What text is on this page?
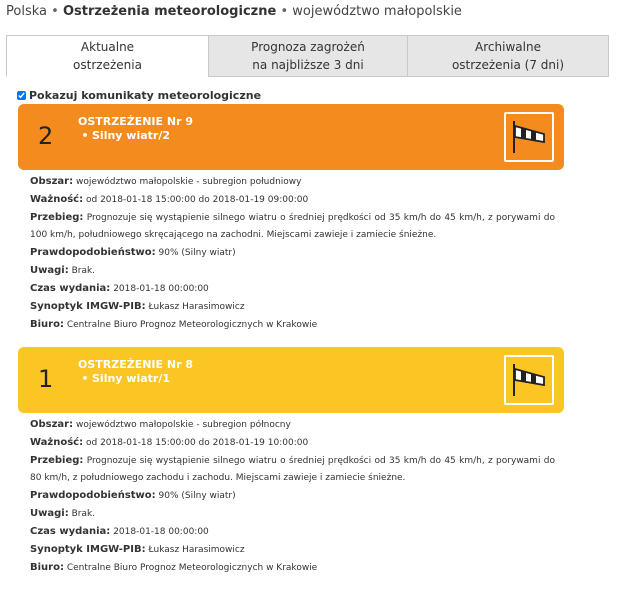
Polska • Ostrzeżenia meteorologiczne • województwo małopolskie
Aktualne
ostrzeżenia
Prognoza zagrożeń
na najbliższe 3 dni
Archiwalne
ostrzeżenia (7 dni)
Pokazuj komunikaty meteorologiczne
2
OSTRZEŻENIE Nr 9
• Silny wiatr/2
Obszar: województwo małopolskie - subregion południowy
Ważność: od 2018-01-18 15:00:00 do 2018-01-19 09:00:00
Przebieg: Prognozuje się wystąpienie silnego wiatru o średniej prędkości od 35 km/h do 45 km/h, z porywami do 100 km/h, południowego skręcającego na zachodni. Miejscami zawieje i zamiecie śnieżne.
Prawdopodobieństwo: 90% (Silny wiatr)
Uwagi: Brak.
Czas wydania: 2018-01-18 00:00:00
Synoptyk IMGW-PIB: Łukasz Harasimowicz
Biuro: Centralne Biuro Prognoz Meteorologicznych w Krakowie
1
OSTRZEŻENIE Nr 8
• Silny wiatr/1
Obszar: województwo małopolskie - subregion północny
Ważność: od 2018-01-18 15:00:00 do 2018-01-19 10:00:00
Przebieg: Prognozuje się wystąpienie silnego wiatru o średniej prędkości od 35 km/h do 45 km/h, z porywami do 80 km/h, z południowego zachodu i zachodu. Miejscami zawieje i zamiecie śnieżne.
Prawdopodobieństwo: 90% (Silny wiatr)
Uwagi: Brak.
Czas wydania: 2018-01-18 00:00:00
Synoptyk IMGW-PIB: Łukasz Harasimowicz
Biuro: Centralne Biuro Prognoz Meteorologicznych w Krakowie
